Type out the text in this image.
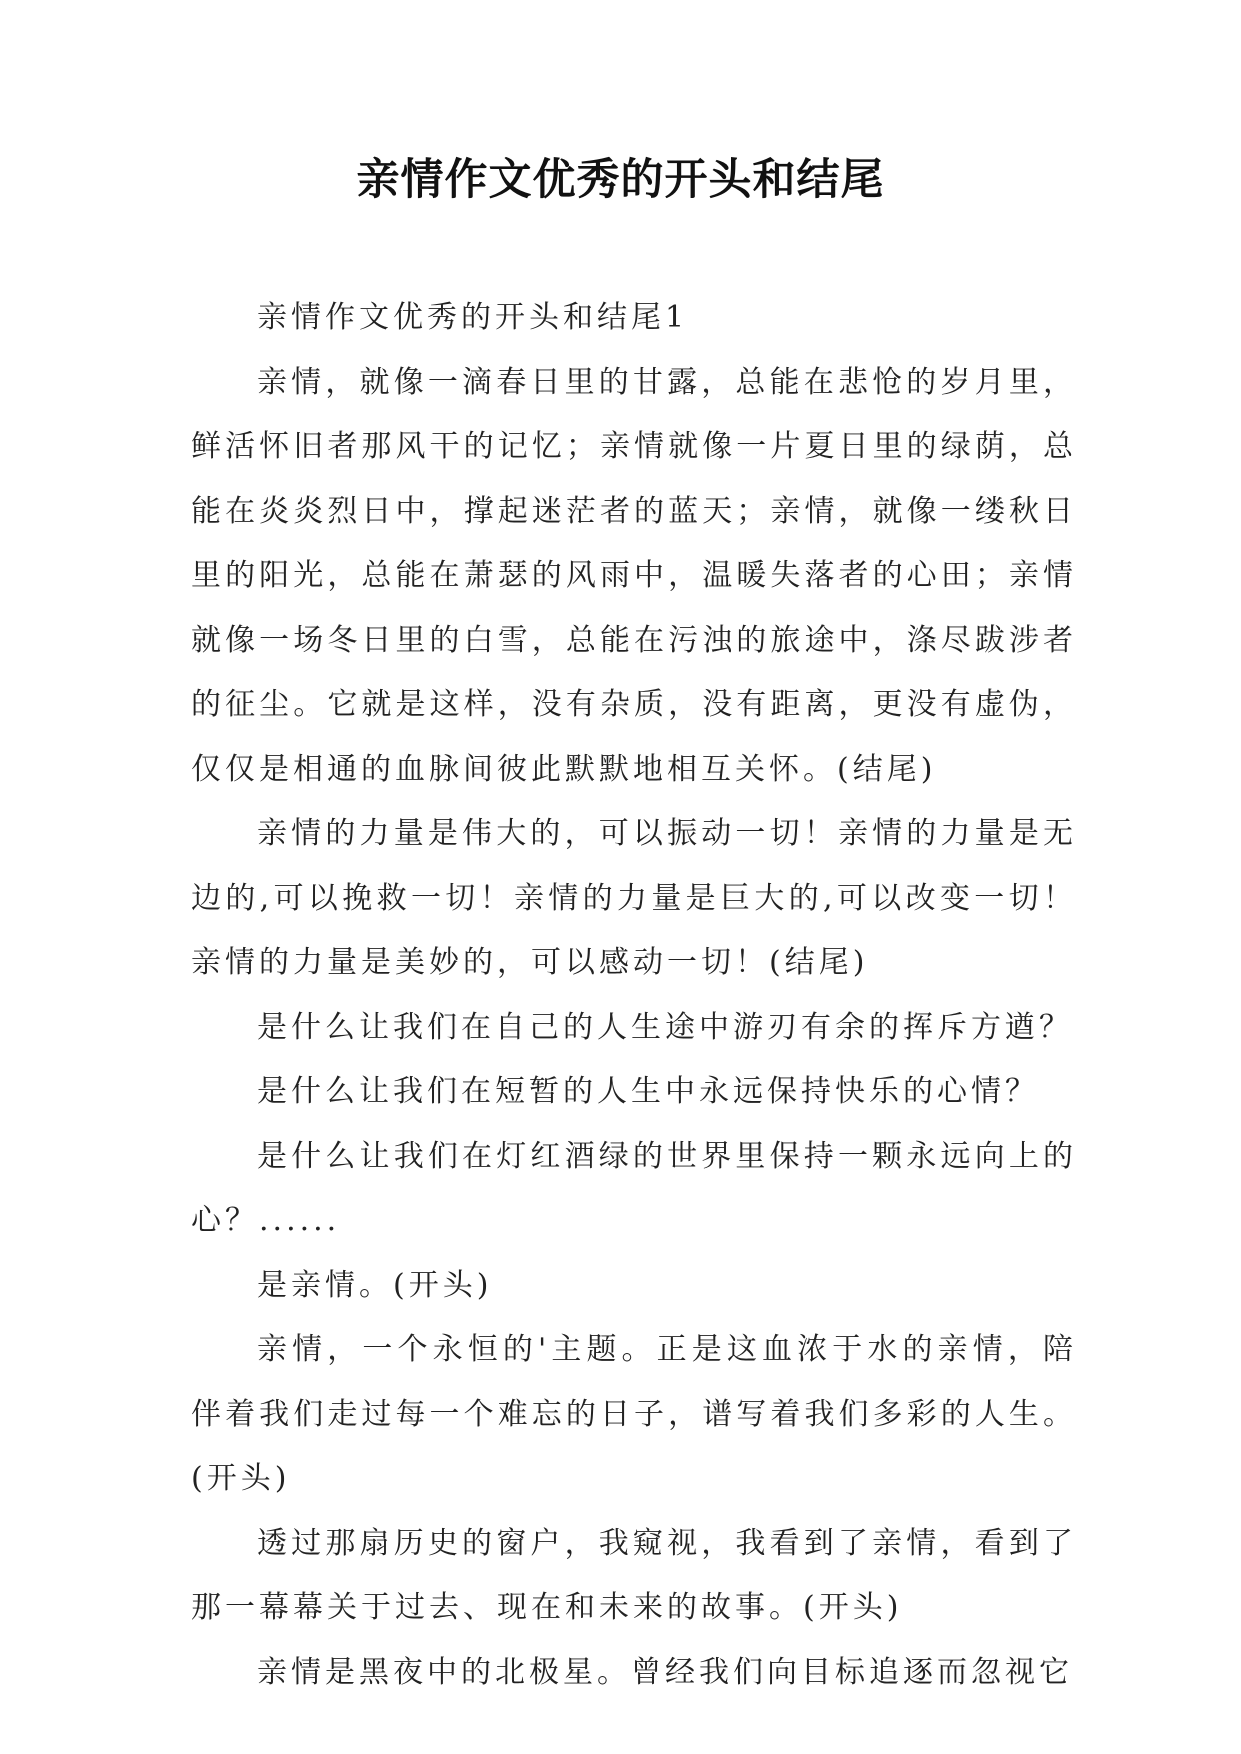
亲情作文优秀的开头和结尾

亲情作文优秀的开头和结尾1

亲情，就像一滴春日里的甘露，总能在悲怆的岁月里，鲜活怀旧者那风干的记忆；亲情就像一片夏日里的绿荫，总能在炎炎烈日中，撑起迷茫者的蓝天；亲情，就像一缕秋日里的阳光，总能在萧瑟的风雨中，温暖失落者的心田；亲情就像一场冬日里的白雪，总能在污浊的旅途中，涤尽跋涉者的征尘。它就是这样，没有杂质，没有距离，更没有虚伪，仅仅是相通的血脉间彼此默默地相互关怀。(结尾)

亲情的力量是伟大的，可以振动一切！亲情的力量是无边的,可以挽救一切！亲情的力量是巨大的,可以改变一切！亲情的力量是美妙的，可以感动一切！(结尾)

是什么让我们在自己的人生途中游刃有余的挥斥方遒？

是什么让我们在短暂的人生中永远保持快乐的心情？

是什么让我们在灯红酒绿的世界里保持一颗永远向上的心？......

是亲情。(开头)

亲情，一个永恒的'主题。正是这血浓于水的亲情，陪伴着我们走过每一个难忘的日子，谱写着我们多彩的人生。(开头)

透过那扇历史的窗户，我窥视，我看到了亲情，看到了那一幕幕关于过去、现在和未来的故事。(开头)

亲情是黑夜中的北极星。曾经我们向目标追逐而忽视它
